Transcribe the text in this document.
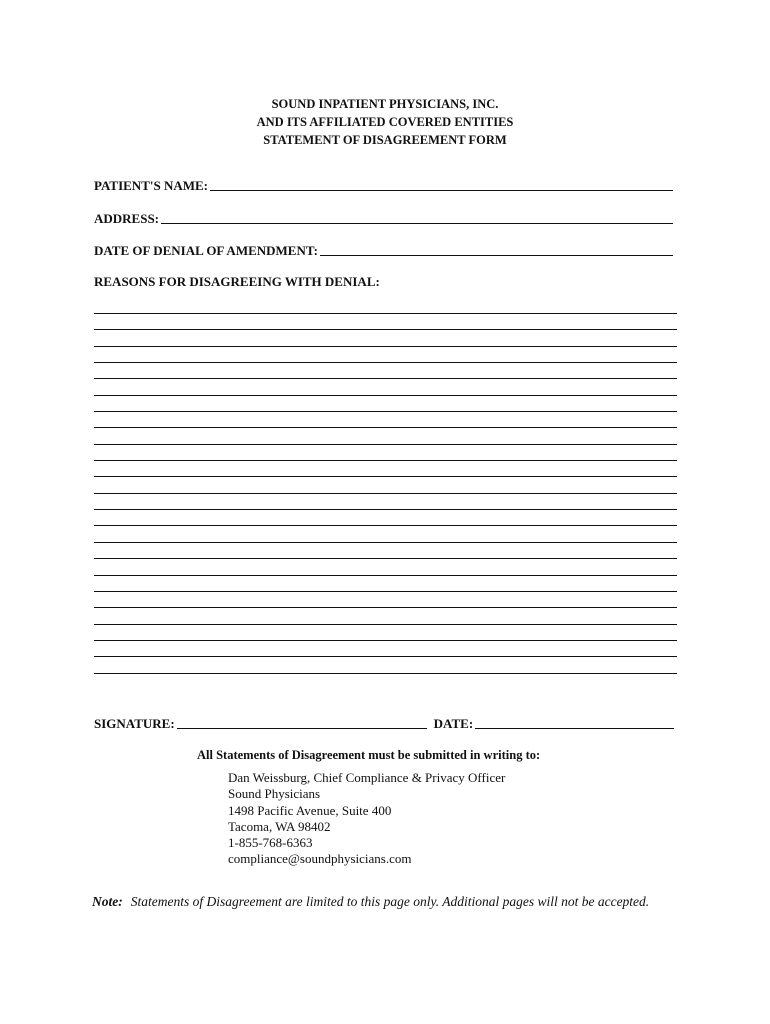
SOUND INPATIENT PHYSICIANS, INC.
AND ITS AFFILIATED COVERED ENTITIES
STATEMENT OF DISAGREEMENT FORM
PATIENT'S NAME:
ADDRESS:
DATE OF DENIAL OF AMENDMENT:
REASONS FOR DISAGREEING WITH DENIAL:
SIGNATURE:	DATE:
All Statements of Disagreement must be submitted in writing to:
Dan Weissburg, Chief Compliance & Privacy Officer
Sound Physicians
1498 Pacific Avenue, Suite 400
Tacoma, WA 98402
1-855-768-6363
compliance@soundphysicians.com
Note: Statements of Disagreement are limited to this page only. Additional pages will not be accepted.
